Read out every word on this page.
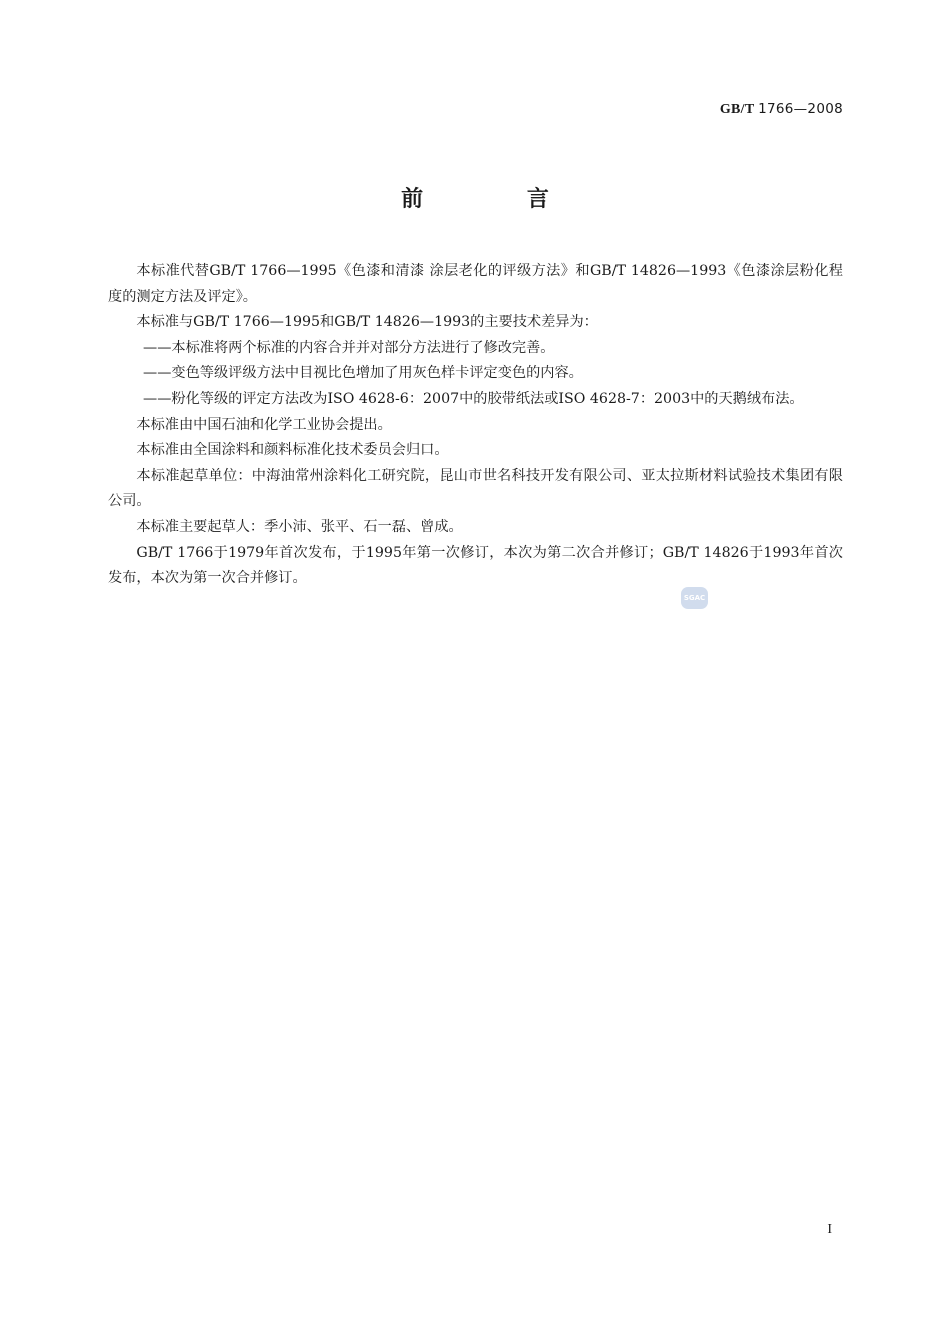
GB/T 1766—2008
前 言

本标准代替GB/T 1766—1995《色漆和清漆 涂层老化的评级方法》和GB/T 14826—1993《色漆涂层粉化程度的测定方法及评定》。

本标准与GB/T 1766—1995和GB/T 14826—1993的主要技术差异为：

——本标准将两个标准的内容合并并对部分方法进行了修改完善。

——变色等级评级方法中目视比色增加了用灰色样卡评定变色的内容。

——粉化等级的评定方法改为ISO 4628-6：2007中的胶带纸法或ISO 4628-7：2003中的天鹅绒布法。

本标准由中国石油和化学工业协会提出。

本标准由全国涂料和颜料标准化技术委员会归口。

本标准起草单位：中海油常州涂料化工研究院，昆山市世名科技开发有限公司、亚太拉斯材料试验技术集团有限公司。

本标准主要起草人：季小沛、张平、石一磊、曾成。

GB/T 1766于1979年首次发布，于1995年第一次修订，本次为第二次合并修订；GB/T 14826于1993年首次发布，本次为第一次合并修订。

SGAC
I
